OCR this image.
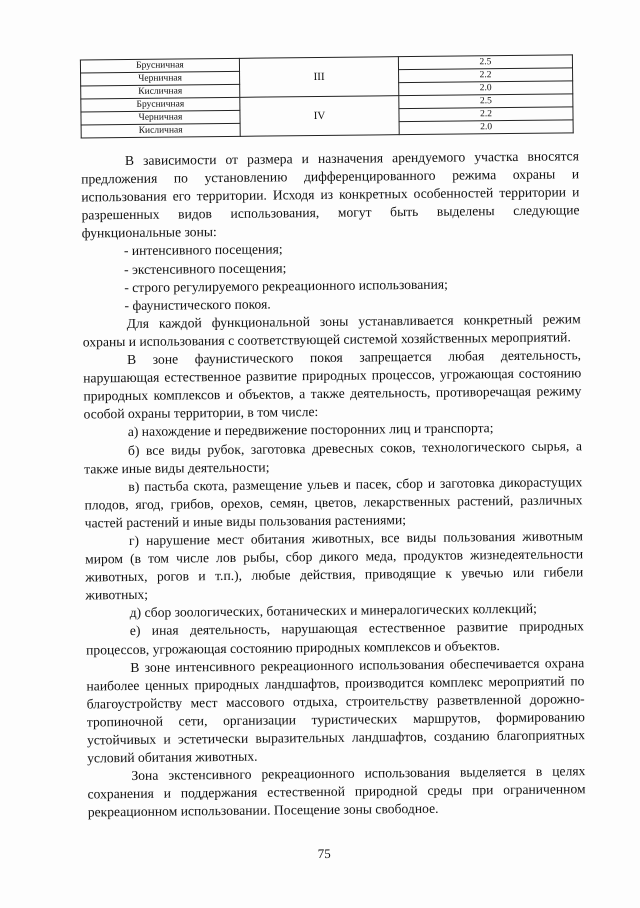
Брусничная	III	2.5
Черничная		2.2
Кисличная		2.0
Брусничная	IV	2.5
Черничная		2.2
Кисличная		2.0

В зависимости от размера и назначения арендуемого участка вносятся предложения по установлению дифференцированного режима охраны и использования его территории. Исходя из конкретных особенностей территории и разрешенных видов использования, могут быть выделены следующие функциональные зоны:

- интенсивного посещения;

- экстенсивного посещения;

- строго регулируемого рекреационного использования;

- фаунистического покоя.

Для каждой функциональной зоны устанавливается конкретный режим охраны и использования с соответствующей системой хозяйственных мероприятий.

В зоне фаунистического покоя запрещается любая деятельность, нарушающая естественное развитие природных процессов, угрожающая состоянию природных комплексов и объектов, а также деятельность, противоречащая режиму особой охраны территории, в том числе:

а) нахождение и передвижение посторонних лиц и транспорта;

б) все виды рубок, заготовка древесных соков, технологического сырья, а также иные виды деятельности;

в) пастьба скота, размещение ульев и пасек, сбор и заготовка дикорастущих плодов, ягод, грибов, орехов, семян, цветов, лекарственных растений, различных частей растений и иные виды пользования растениями;

г) нарушение мест обитания животных, все виды пользования животным миром (в том числе лов рыбы, сбор дикого меда, продуктов жизнедеятельности животных, рогов и т.п.), любые действия, приводящие к увечью или гибели животных;

д) сбор зоологических, ботанических и минералогических коллекций;

е) иная деятельность, нарушающая естественное развитие природных процессов, угрожающая состоянию природных комплексов и объектов.

В зоне интенсивного рекреационного использования обеспечивается охрана наиболее ценных природных ландшафтов, производится комплекс мероприятий по благоустройству мест массового отдыха, строительству разветвленной дорожно-тропиночной сети, организации туристических маршрутов, формированию устойчивых и эстетически выразительных ландшафтов, созданию благоприятных условий обитания животных.

Зона экстенсивного рекреационного использования выделяется в целях сохранения и поддержания естественной природной среды при ограниченном рекреационном использовании. Посещение зоны свободное.

75
